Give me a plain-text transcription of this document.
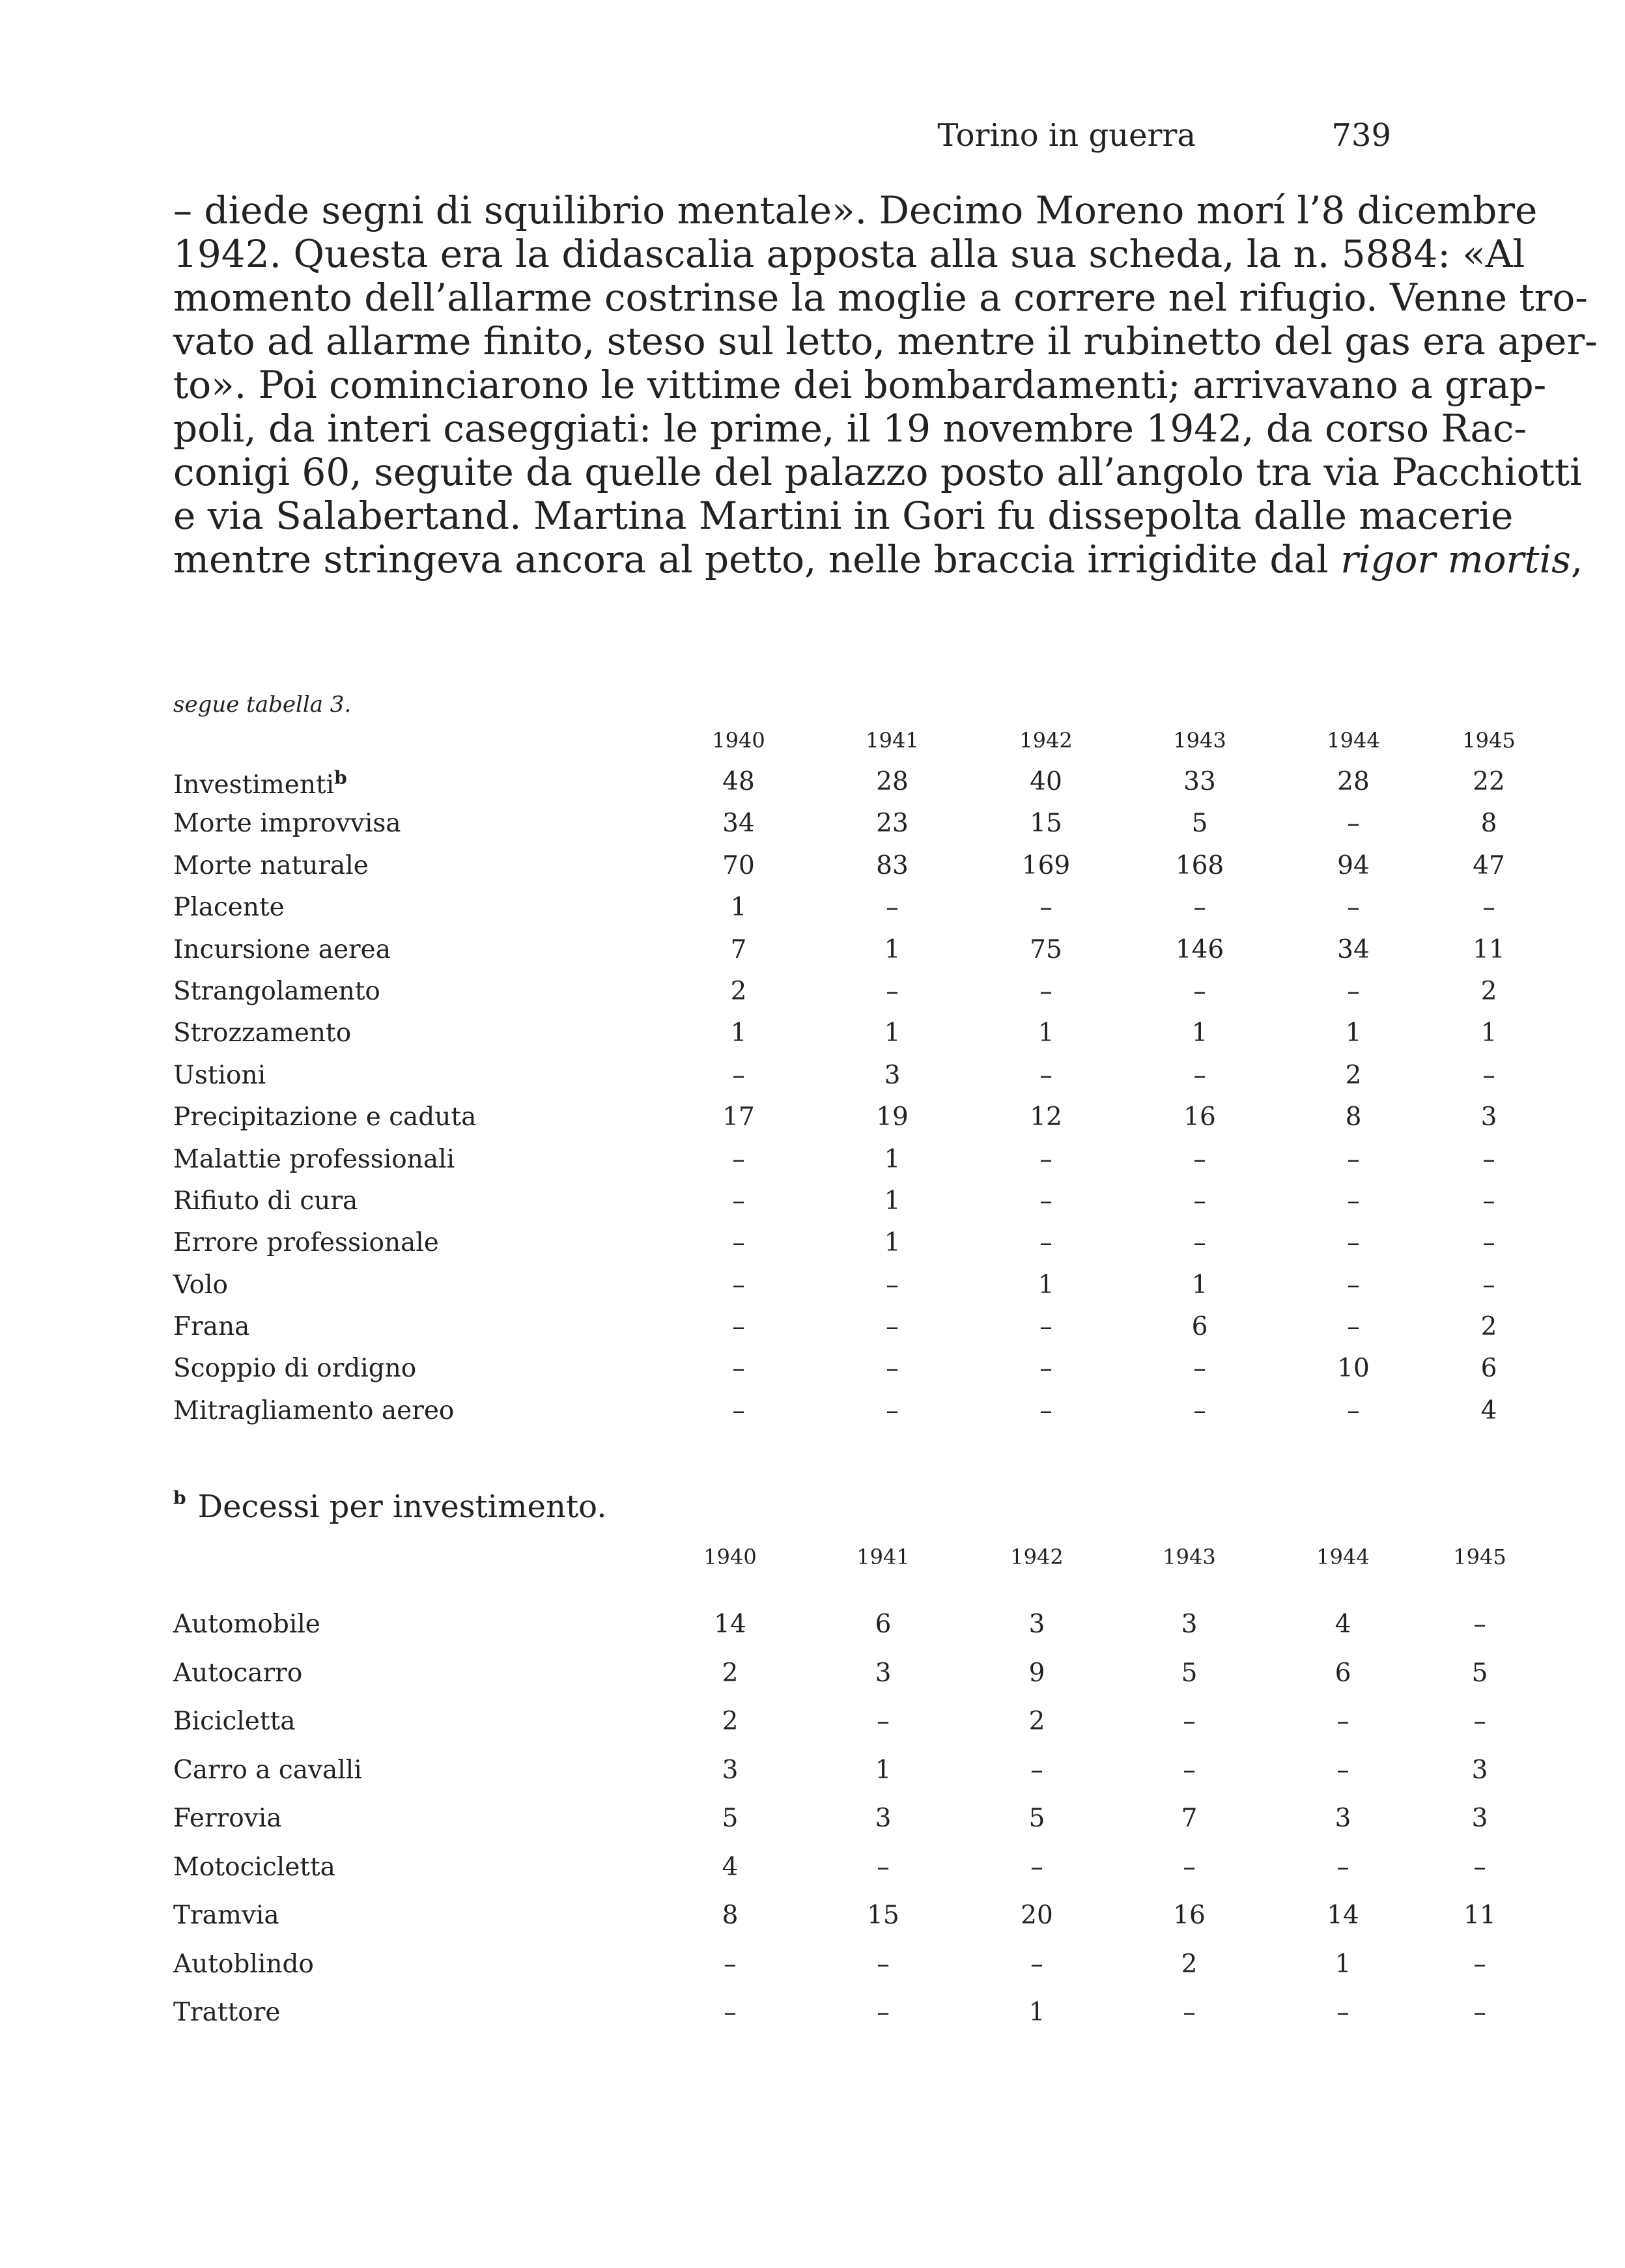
Torino in guerra	739
– diede segni di squilibrio mentale». Decimo Moreno morí l’8 dicembre
1942. Questa era la didascalia apposta alla sua scheda, la n. 5884: «Al
momento dell’allarme costrinse la moglie a correre nel rifugio. Venne tro-
vato ad allarme finito, steso sul letto, mentre il rubinetto del gas era aper-
to». Poi cominciarono le vittime dei bombardamenti; arrivavano a grap-
poli, da interi caseggiati: le prime, il 19 novembre 1942, da corso Rac-
conigi 60, seguite da quelle del palazzo posto all’angolo tra via Pacchiotti
e via Salabertand. Martina Martini in Gori fu dissepolta dalle macerie
mentre stringeva ancora al petto, nelle braccia irrigidite dal rigor mortis,
segue tabella 3.
1940	1941	1942	1943	1944	1945
Investimenti$^b$	48	28	40	33	28	22
Morte improvvisa	34	23	15	5	–	8
Morte naturale	70	83	169	168	94	47
Placente	1	–	–	–	–	–
Incursione aerea	7	1	75	146	34	11
Strangolamento	2	–	–	–	–	2
Strozzamento	1	1	1	1	1	1
Ustioni	–	3	–	–	2	–
Precipitazione e caduta	17	19	12	16	8	3
Malattie professionali	–	1	–	–	–	–
Rifiuto di cura	–	1	–	–	–	–
Errore professionale	–	1	–	–	–	–
Volo	–	–	1	1	–	–
Frana	–	–	–	6	–	2
Scoppio di ordigno	–	–	–	–	10	6
Mitragliamento aereo	–	–	–	–	–	4
$^b$ Decessi per investimento.
1940	1941	1942	1943	1944	1945
Automobile	14	6	3	3	4	–
Autocarro	2	3	9	5	6	5
Bicicletta	2	–	2	–	–	–
Carro a cavalli	3	1	–	–	–	3
Ferrovia	5	3	5	7	3	3
Motocicletta	4	–	–	–	–	–
Tramvia	8	15	20	16	14	11
Autoblindo	–	–	–	2	1	–
Trattore	–	–	1	–	–	–
